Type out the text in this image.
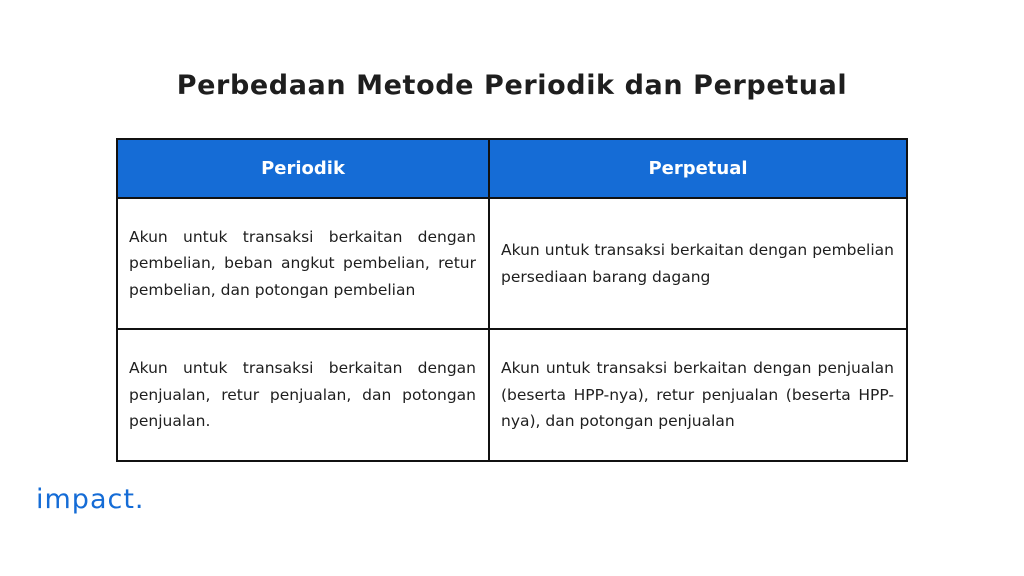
Perbedaan Metode Periodik dan Perpetual
Periodik	Perpetual
Akun untuk transaksi berkaitan dengan pembelian, beban angkut pembelian, retur pembelian, dan potongan pembelian	Akun untuk transaksi berkaitan dengan pembelian persediaan barang dagang
Akun untuk transaksi berkaitan dengan penjualan, retur penjualan, dan potongan penjualan.	Akun untuk transaksi berkaitan dengan penjualan (beserta HPP-nya), retur penjualan (beserta HPP-nya), dan potongan penjualan
impact.
